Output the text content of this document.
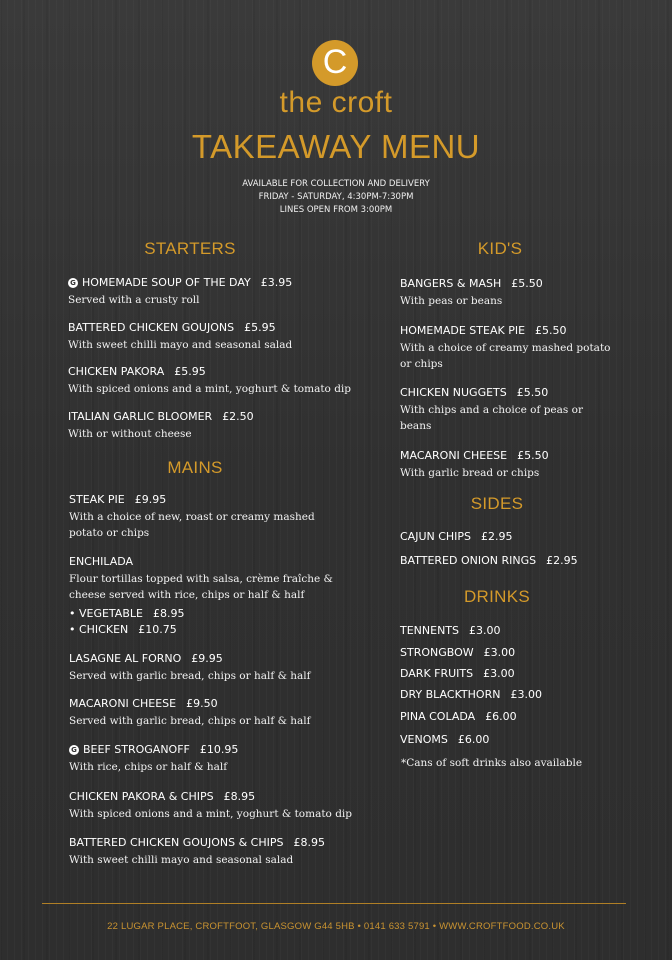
C
the croft
TAKEAWAY MENU
AVAILABLE FOR COLLECTION AND DELIVERY
FRIDAY - SATURDAY, 4:30PM-7:30PM
LINES OPEN FROM 3:00PM
STARTERS
G HOMEMADE SOUP OF THE DAY £3.95
Served with a crusty roll
BATTERED CHICKEN GOUJONS £5.95
With sweet chilli mayo and seasonal salad
CHICKEN PAKORA £5.95
With spiced onions and a mint, yoghurt & tomato dip
ITALIAN GARLIC BLOOMER £2.50
With or without cheese
MAINS
STEAK PIE £9.95
With a choice of new, roast or creamy mashed potato or chips
ENCHILADA
Flour tortillas topped with salsa, crème fraîche & cheese served with rice, chips or half & half
• VEGETABLE £8.95
• CHICKEN £10.75
LASAGNE AL FORNO £9.95
Served with garlic bread, chips or half & half
MACARONI CHEESE £9.50
Served with garlic bread, chips or half & half
G BEEF STROGANOFF £10.95
With rice, chips or half & half
CHICKEN PAKORA & CHIPS £8.95
With spiced onions and a mint, yoghurt & tomato dip
BATTERED CHICKEN GOUJONS & CHIPS £8.95
With sweet chilli mayo and seasonal salad
KID'S
BANGERS & MASH £5.50
With peas or beans
HOMEMADE STEAK PIE £5.50
With a choice of creamy mashed potato or chips
CHICKEN NUGGETS £5.50
With chips and a choice of peas or beans
MACARONI CHEESE £5.50
With garlic bread or chips
SIDES
CAJUN CHIPS £2.95
BATTERED ONION RINGS £2.95
DRINKS
TENNENTS £3.00
STRONGBOW £3.00
DARK FRUITS £3.00
DRY BLACKTHORN £3.00
PINA COLADA £6.00
VENOMS £6.00
*Cans of soft drinks also available
22 LUGAR PLACE, CROFTFOOT, GLASGOW G44 5HB • 0141 633 5791 • WWW.CROFTFOOD.CO.UK
